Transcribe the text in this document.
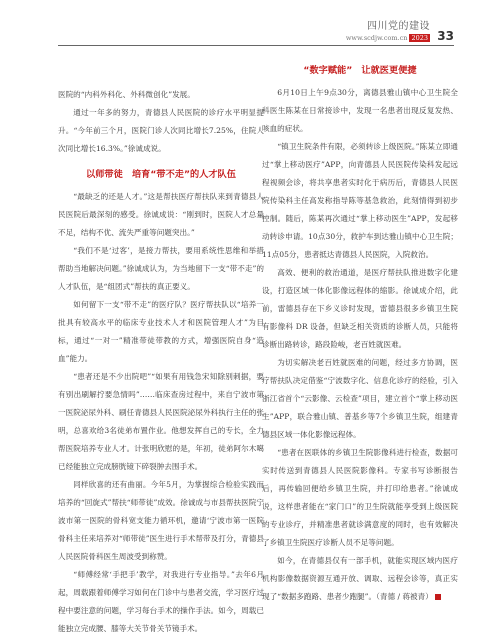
四川党的建设
www.scdjw.com.cn 2023 33

医院的“内科外科化、外科微创化”发展。

通过一年多的努力，青德县人民医院的诊疗水平明显提升。“今年前三个月，医院门诊人次同比增长7.25%，住院人次同比增长16.3%。”徐诚成说。

以师带徒　培育“带不走”的人才队伍

“最缺乏的还是人才。”这是帮扶医疗帮扶队来到青德县人民医院后最深刻的感受。徐诚成说：“刚到时，医院人才总量不足，结构不优、流失严重等问题突出。”

“我们不是‘过客’，是接力帮扶，要用系统性思维和举措帮助当地解决问题。”徐诚成认为，为当地留下一支“带不走”的人才队伍，是“组团式”帮扶的真正要义。

如何留下一支“带不走”的医疗队？医疗帮扶队以“培养一批具有较高水平的临床专业技术人才和医院管理人才”为目标，通过“一对一”精准带徒带教的方式，增强医院自身“造血”能力。

“患者还是不少出院吧”“如果有用钱急宋知除别刺据，要有别出刷解拧要急情吗”……临床查房过程中，来自宁波市第一医院泌尿外科、刷任青德县人民医院泌尿外科执行主任的张明，总喜欢给3名徒弟布置作业。他想发挥自己的专长，全力帮医院培养专业人才。计张明欣慰的是，年初，徒弟阿尔木噶已经能独立完成膀胱镜下碎裂肿去围手术。

同样欣喜的还有曲丽。今年5月，为掌握综合检验实践而培养的“回旋式”帮扶“师带徒”成效。徐诚成与市县帮扶医院宁波市第一医院的骨科宽支能力循环机，邀请‘宁波市第一医院骨科主任来培养对“师带徒”医生进行手术帮带及打分，青德县人民医院骨科医生周波受到称赞。

“师傅经常‘手把手’教学，对我进行专业指导。”去年6月起，周载跟着师傅学习如何在门诊中与患者交流，学习医疗过程中要注意的问题，学习每台手术的操作手法。如今，周载已能独立完成腰、膝等大关节骨关节镜手术。

“数字赋能”　让就医更便捷

6月10日上午9点30分，离德县雅山镇中心卫生院全科医生陈某在日常接诊中，发现一名患者出现反复发热、咳血的症状。

“镇卫生院条件有限，必须转诊上级医院。”陈某立即通过“掌上移动医疗”APP，向青德县人民医院传染科发起远程视频会诊，将共享患者实时化于病历后，青德县人民医院传染科主任高发称指导陈等基急救治，此刻情得到初步控制。随后，陈某再次通过“掌上移动医生”APP，发起移动转诊申请。10点30分，救护车到达雅山镇中心卫生院；11点05分，患者抵达青德县人民医院，入院救治。

高效、便利的救治通道，是医疗帮扶队推进数字化建设，打造区域一体化影像远程体的缩影。徐诚成介绍，此前，雷德县存在下乡义诊时发现，雷德县很多乡镇卫生院有影像科 DR 设备，但缺乏相关资质的诊断人员，只能将诊断出路转诊，路段险峻，老百姓就医难。

为切实解决老百姓就医难的问题，经过多方协调，医疗帮扶队决定借鉴“宁波数字化、信息化诊疗的经验，引入浙江省首个“云影像、云检查”项目，建立首个“掌上移动医生”APP，联合雅山镇、普基乡等7个乡镇卫生院，组建青德县区域一体化影像远程体。

“患者在医联体的乡镇卫生院影像科进行检查，数据可实时传送到青德县人民医院影像科。专家书写诊断报告后，再传输回便给乡镇卫生院，并打印给患者。”徐诚成说，这样患者能在“家门口”的卫生院就能享受到上级医院的专业诊疗，并精准患者就诊满意度的同时，也有效解决了乡镇卫生院医疗诊断人员不足等问题。

如今，在青德县仅有一部手机，就能实现区域内医疗机构影像数据资源互通开放、调取、远程会诊等，真正实现了“数据多跑路、患者少跑腿”。（青德 / 蒋被青）
